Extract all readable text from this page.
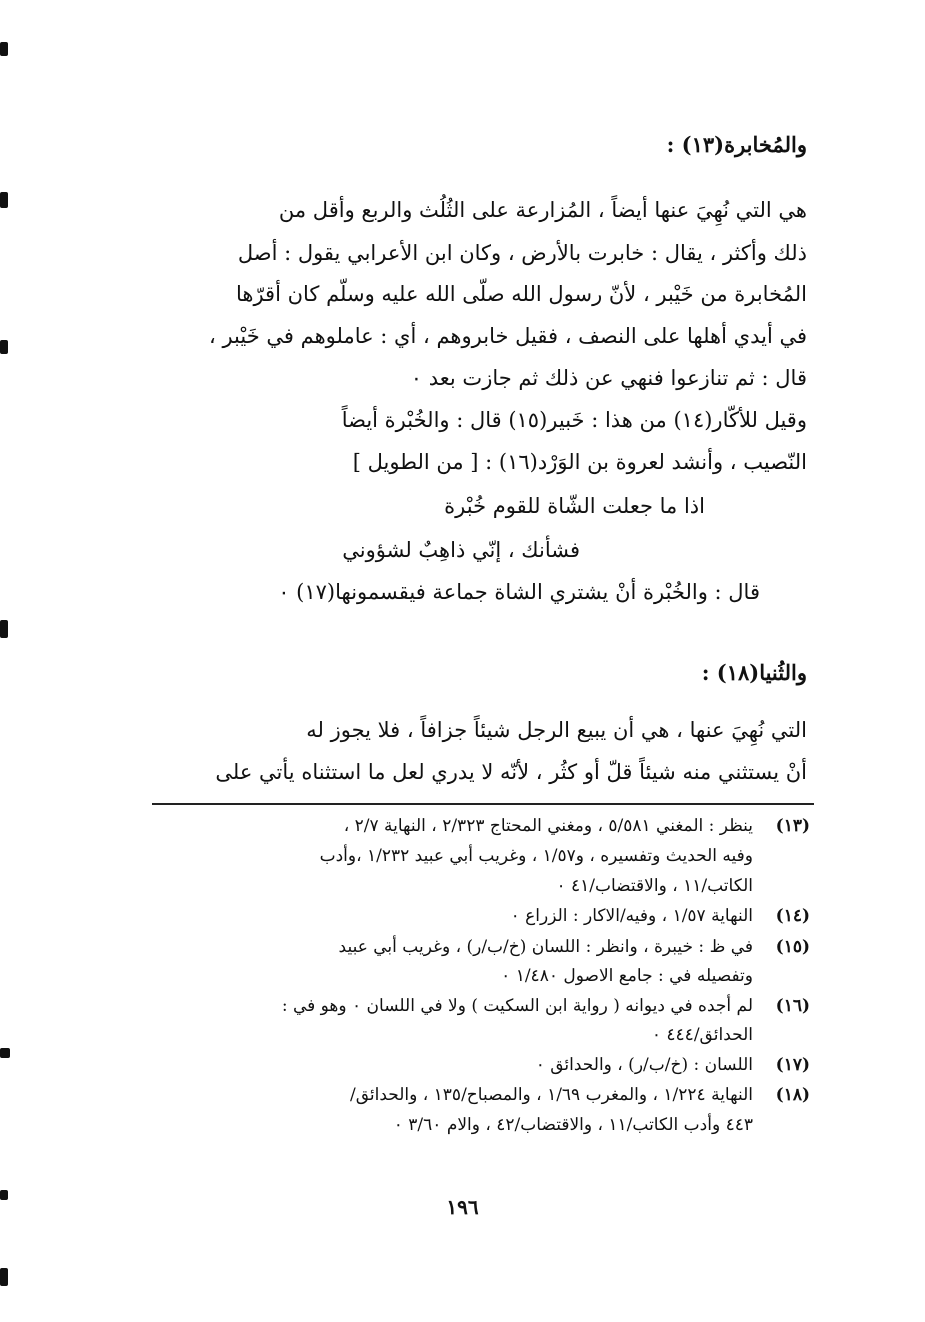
والمُخابرة(١٣) :
هي التي نُهِيَ عنها أيضاً ، المُزارعة على الثُلُث والربع وأقل من
ذلك وأكثر ، يقال : خابرت بالأرض ، وكان ابن الأعرابي يقول : أصل
المُخابرة من خَيْبر ، لأنّ رسول الله صلّى الله عليه وسلّم كان أقرّها
في أيدي أهلها على النصف ، فقيل خابروهم ، أي : عاملوهم في خَيْبر ،
قال : ثم تنازعوا فنهي عن ذلك ثم جازت بعد ٠
وقيل للأكّار(١٤) من هذا : خَبير(١٥) قال : والخُبْرة أيضاً
النّصيب ، وأنشد لعروة بن الوَرْد(١٦) : [ من الطويل ]
اذا ما جعلت الشّاة للقوم خُبْرة
فشأنك ، إنّي ذاهِبٌ لشؤوني
قال : والخُبْرة أنْ يشتري الشاة جماعة فيقسمونها(١٧) ٠
والثُنيا(١٨) :
التي نُهِيَ عنها ، هي أن يبيع الرجل شيئاً جزافاً ، فلا يجوز له
أنْ يستثني منه شيئاً قلّ أو كثُر ، لأنّه لا يدري لعل ما استثناه يأتي على
(١٣)
ينظر : المغني ٥/٥٨١ ، ومغني المحتاج ٢/٣٢٣ ، النهاية ٢/٧ ،
وفيه الحديث وتفسيره ، و١/٥٧ ، وغريب أبي عبيد ١/٢٣٢ ،وأدب
الكاتب/١١ ، والاقتضاب/٤١ ٠
(١٤)
النهاية ١/٥٧ ، وفيه/الاكار : الزراع ٠
(١٥)
في ظ : خيبرة ، وانظر : اللسان (خ/ب/ر) ، وغريب أبي عبيد
وتفصيله في : جامع الاصول ١/٤٨٠ ٠
(١٦)
لم أجده في ديوانه ( رواية ابن السكيت ) ولا في اللسان ٠ وهو في :
الحدائق/٤٤٤ ٠
(١٧)
اللسان : (خ/ب/ر) ، والحدائق ٠
(١٨)
النهاية ١/٢٢٤ ، والمغرب ١/٦٩ ، والمصباح/١٣٥ ، والحدائق/
٤٤٣ وأدب الكاتب/١١ ، والاقتضاب/٤٢ ، والام ٣/٦٠ ٠
١٩٦
